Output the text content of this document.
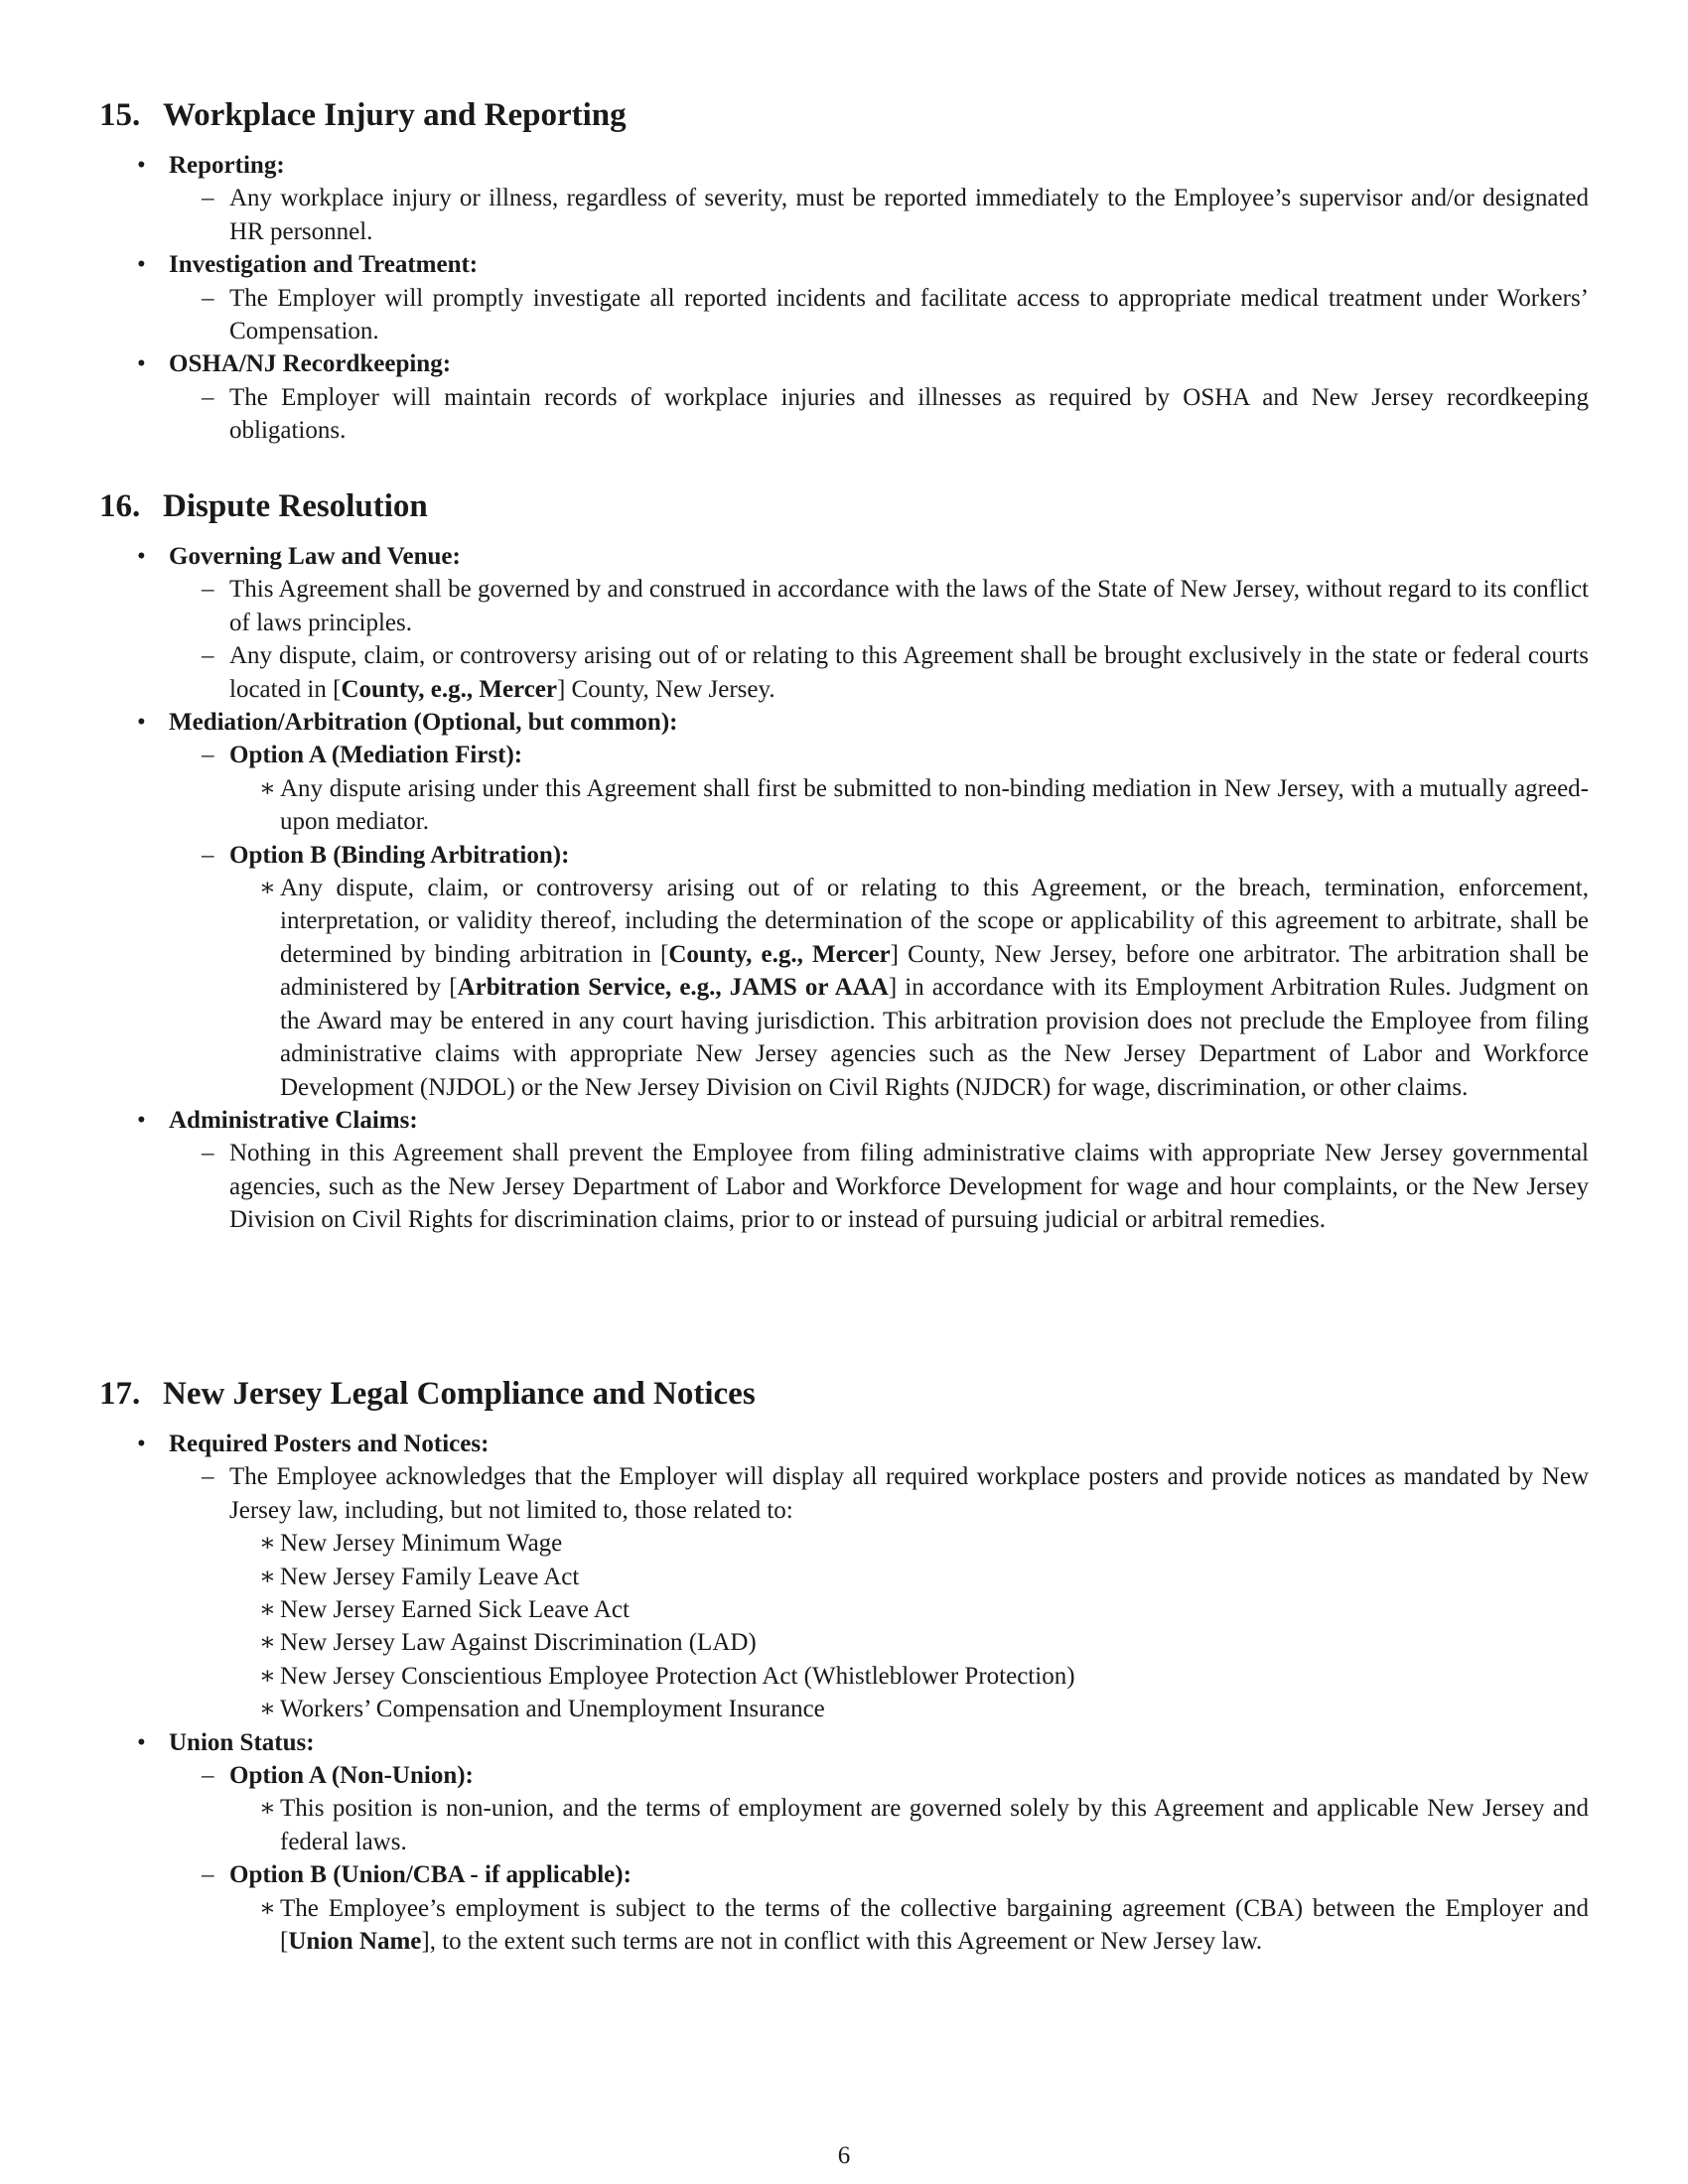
15. Workplace Injury and Reporting
• Reporting:
– Any workplace injury or illness, regardless of severity, must be reported immediately to the Employee’s supervisor and/or designated HR personnel.
• Investigation and Treatment:
– The Employer will promptly investigate all reported incidents and facilitate access to appropriate medical treatment under Workers’ Compensation.
• OSHA/NJ Recordkeeping:
– The Employer will maintain records of workplace injuries and illnesses as required by OSHA and New Jersey recordkeeping obligations.
16. Dispute Resolution
• Governing Law and Venue:
– This Agreement shall be governed by and construed in accordance with the laws of the State of New Jersey, without regard to its conflict of laws principles.
– Any dispute, claim, or controversy arising out of or relating to this Agreement shall be brought exclusively in the state or federal courts located in [County, e.g., Mercer] County, New Jersey.
• Mediation/Arbitration (Optional, but common):
– Option A (Mediation First):
∗ Any dispute arising under this Agreement shall first be submitted to non-binding mediation in New Jersey, with a mutually agreed-upon mediator.
– Option B (Binding Arbitration):
∗ Any dispute, claim, or controversy arising out of or relating to this Agreement, or the breach, termination, enforcement, interpretation, or validity thereof, including the determination of the scope or applicability of this agreement to arbitrate, shall be determined by binding arbitration in [County, e.g., Mercer] County, New Jersey, before one arbitrator. The arbitration shall be administered by [Arbitration Service, e.g., JAMS or AAA] in accordance with its Employment Arbitration Rules. Judgment on the Award may be entered in any court having jurisdiction. This arbitration provision does not preclude the Employee from filing administrative claims with appropriate New Jersey agencies such as the New Jersey Department of Labor and Workforce Development (NJDOL) or the New Jersey Division on Civil Rights (NJDCR) for wage, discrimination, or other claims.
• Administrative Claims:
– Nothing in this Agreement shall prevent the Employee from filing administrative claims with appropriate New Jersey governmental agencies, such as the New Jersey Department of Labor and Workforce Development for wage and hour complaints, or the New Jersey Division on Civil Rights for discrimination claims, prior to or instead of pursuing judicial or arbitral remedies.
17. New Jersey Legal Compliance and Notices
• Required Posters and Notices:
– The Employee acknowledges that the Employer will display all required workplace posters and provide notices as mandated by New Jersey law, including, but not limited to, those related to:
∗ New Jersey Minimum Wage
∗ New Jersey Family Leave Act
∗ New Jersey Earned Sick Leave Act
∗ New Jersey Law Against Discrimination (LAD)
∗ New Jersey Conscientious Employee Protection Act (Whistleblower Protection)
∗ Workers’ Compensation and Unemployment Insurance
• Union Status:
– Option A (Non-Union):
∗ This position is non-union, and the terms of employment are governed solely by this Agreement and applicable New Jersey and federal laws.
– Option B (Union/CBA - if applicable):
∗ The Employee’s employment is subject to the terms of the collective bargaining agreement (CBA) between the Employer and [Union Name], to the extent such terms are not in conflict with this Agreement or New Jersey law.
6
